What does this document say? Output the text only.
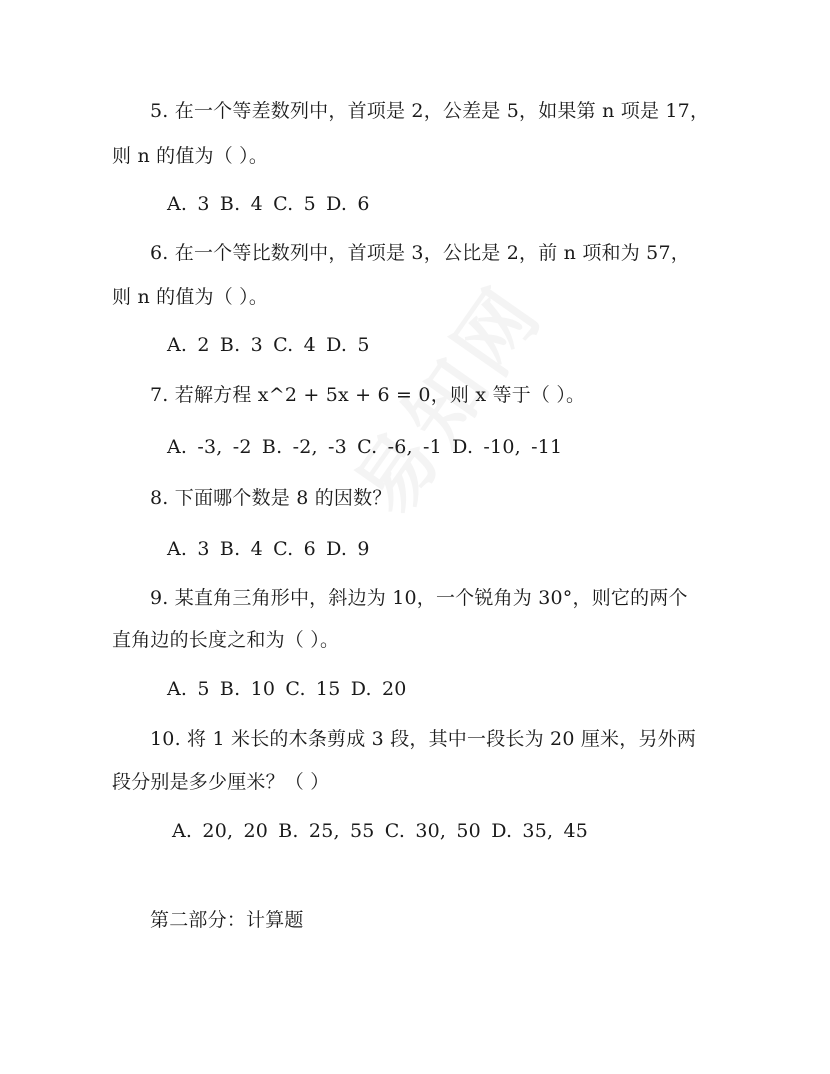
5. 在一个等差数列中，首项是 2，公差是 5，如果第 n 项是 17，
则 n 的值为（ ）。
A. 3 B. 4 C. 5 D. 6
6. 在一个等比数列中，首项是 3，公比是 2，前 n 项和为 57，
则 n 的值为（ ）。
A. 2 B. 3 C. 4 D. 5
7. 若解方程 x^2 + 5x + 6 = 0，则 x 等于（ ）。
A. -3, -2 B. -2, -3 C. -6, -1 D. -10, -11
8. 下面哪个数是 8 的因数？
A. 3 B. 4 C. 6 D. 9
9. 某直角三角形中，斜边为 10，一个锐角为 30°，则它的两个
直角边的长度之和为（ ）。
A. 5 B. 10 C. 15 D. 20
10. 将 1 米长的木条剪成 3 段，其中一段长为 20 厘米，另外两
段分别是多少厘米？（ ）
A. 20, 20 B. 25, 55 C. 30, 50 D. 35, 45
第二部分：计算题
